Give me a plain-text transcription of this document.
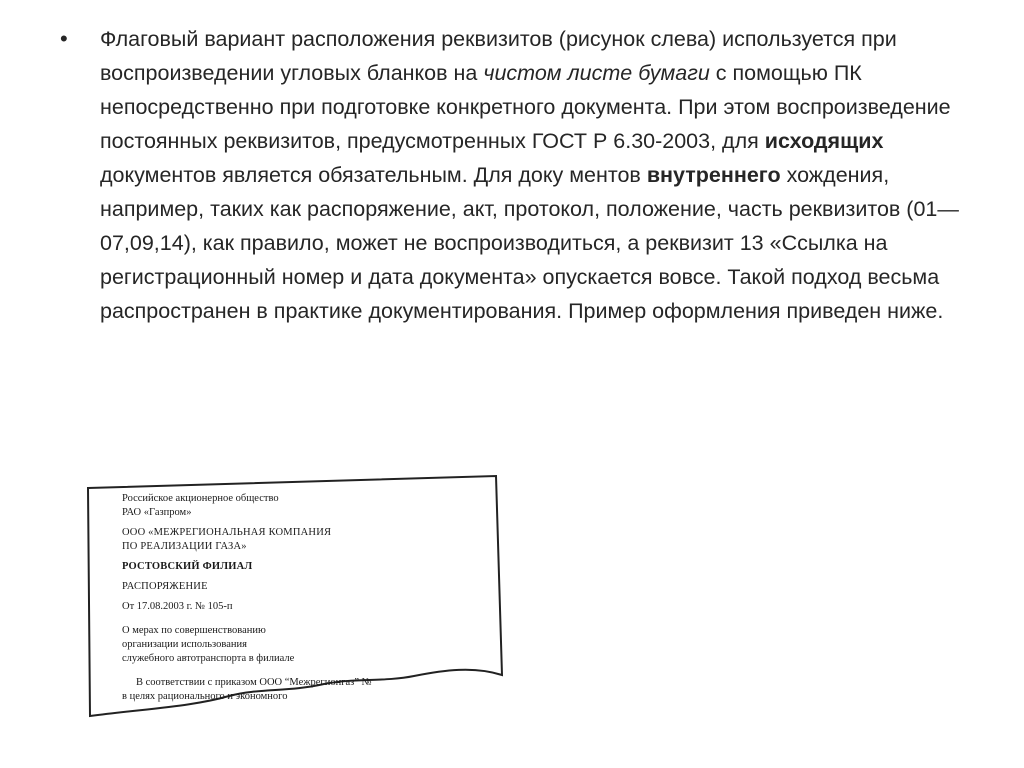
• Флаговый вариант расположения реквизитов (рисунок слева) используется при воспроизведении угловых бланков на чистом листе бумаги с помощью ПК непосредственно при подготовке конкретного документа. При этом воспроизведение постоянных реквизитов, предусмотренных ГОСТ Р 6.30-2003, для исходящих документов является обязательным. Для доку ментов внутреннего хождения, например, таких как распоряжение, акт, протокол, положение, часть реквизитов (01—07,09,14), как правило, может не воспроизводиться, а реквизит 13 «Ссылка на регистрационный номер и дата документа» опускается вовсе. Такой подход весьма распространен в практике документирования. Пример оформления приведен ниже.
Российское акционерное общество
РАО «Газпром»
ООО «МЕЖРЕГИОНАЛЬНАЯ КОМПАНИЯ
ПО РЕАЛИЗАЦИИ ГАЗА»
РОСТОВСКИЙ ФИЛИАЛ
РАСПОРЯЖЕНИЕ
От 17.08.2003 г. № 105-п
О мерах по совершенствованию
организации использования
служебного автотранспорта в филиале
В соответствии с приказом ООО “Межрегионгаз” №
в целях рационального и экономного
